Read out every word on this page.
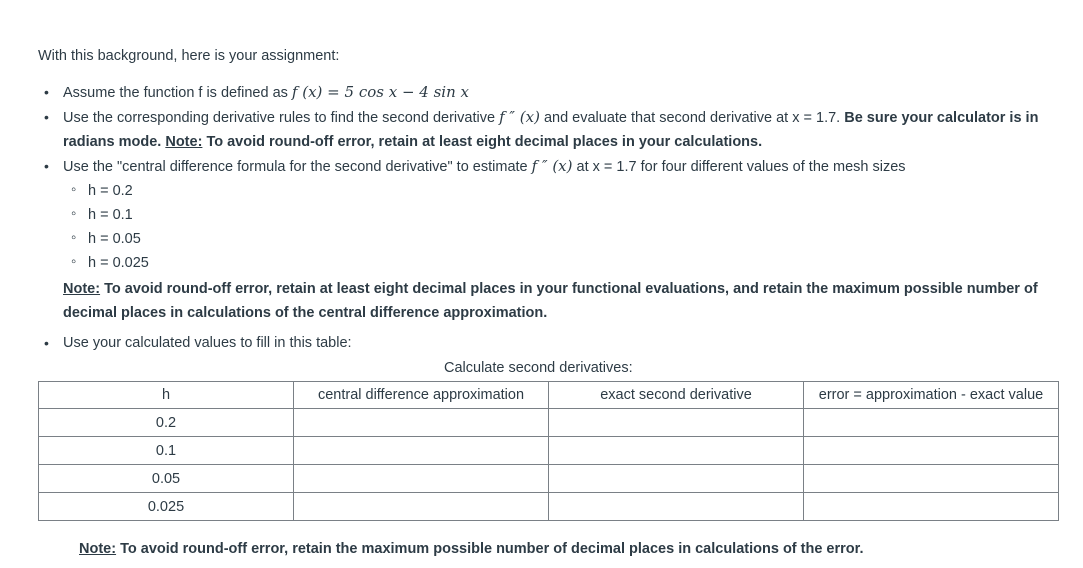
With this background, here is your assignment:

• Assume the function f is defined as f (x) = 5 cos x − 4 sin x
• Use the corresponding derivative rules to find the second derivative f ″ (x) and evaluate that second derivative at x = 1.7. Be sure your calculator is in radians mode. Note: To avoid round-off error, retain at least eight decimal places in your calculations.
• Use the "central difference formula for the second derivative" to estimate f ″ (x) at x = 1.7 for four different values of the mesh sizes
◦ h = 0.2
◦ h = 0.1
◦ h = 0.05
◦ h = 0.025
Note: To avoid round-off error, retain at least eight decimal places in your functional evaluations, and retain the maximum possible number of decimal places in calculations of the central difference approximation.
• Use your calculated values to fill in this table:
Calculate second derivatives:
h	central difference approximation	exact second derivative	error = approximation - exact value
0.2			
0.1			
0.05			
0.025			
Note: To avoid round-off error, retain the maximum possible number of decimal places in calculations of the error.
